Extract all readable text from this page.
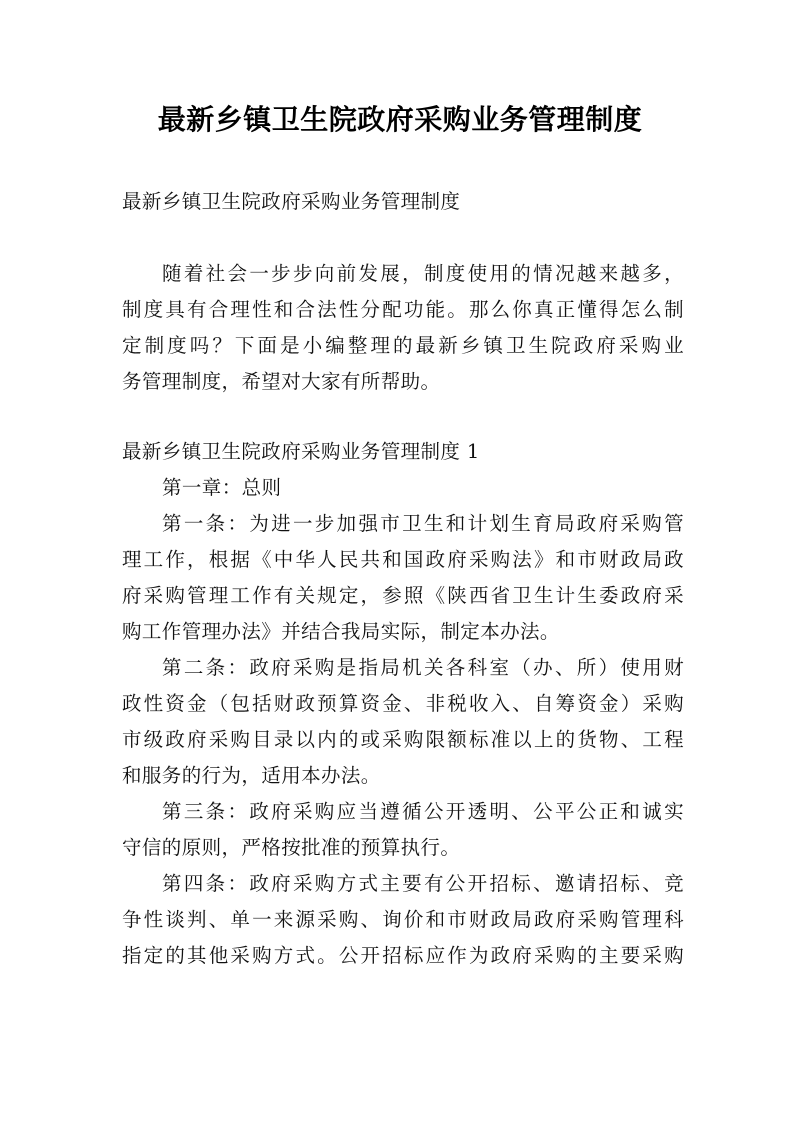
最新乡镇卫生院政府采购业务管理制度

最新乡镇卫生院政府采购业务管理制度

随着社会一步步向前发展，制度使用的情况越来越多，

制度具有合理性和合法性分配功能。那么你真正懂得怎么制

定制度吗？下面是小编整理的最新乡镇卫生院政府采购业

务管理制度，希望对大家有所帮助。

最新乡镇卫生院政府采购业务管理制度 1

第一章：总则

第一条：为进一步加强市卫生和计划生育局政府采购管

理工作，根据《中华人民共和国政府采购法》和市财政局政

府采购管理工作有关规定，参照《陕西省卫生计生委政府采

购工作管理办法》并结合我局实际，制定本办法。

第二条：政府采购是指局机关各科室（办、所）使用财

政性资金（包括财政预算资金、非税收入、自筹资金）采购

市级政府采购目录以内的或采购限额标准以上的货物、工程

和服务的行为，适用本办法。

第三条：政府采购应当遵循公开透明、公平公正和诚实

守信的原则，严格按批准的预算执行。

第四条：政府采购方式主要有公开招标、邀请招标、竞

争性谈判、单一来源采购、询价和市财政局政府采购管理科

指定的其他采购方式。公开招标应作为政府采购的主要采购
